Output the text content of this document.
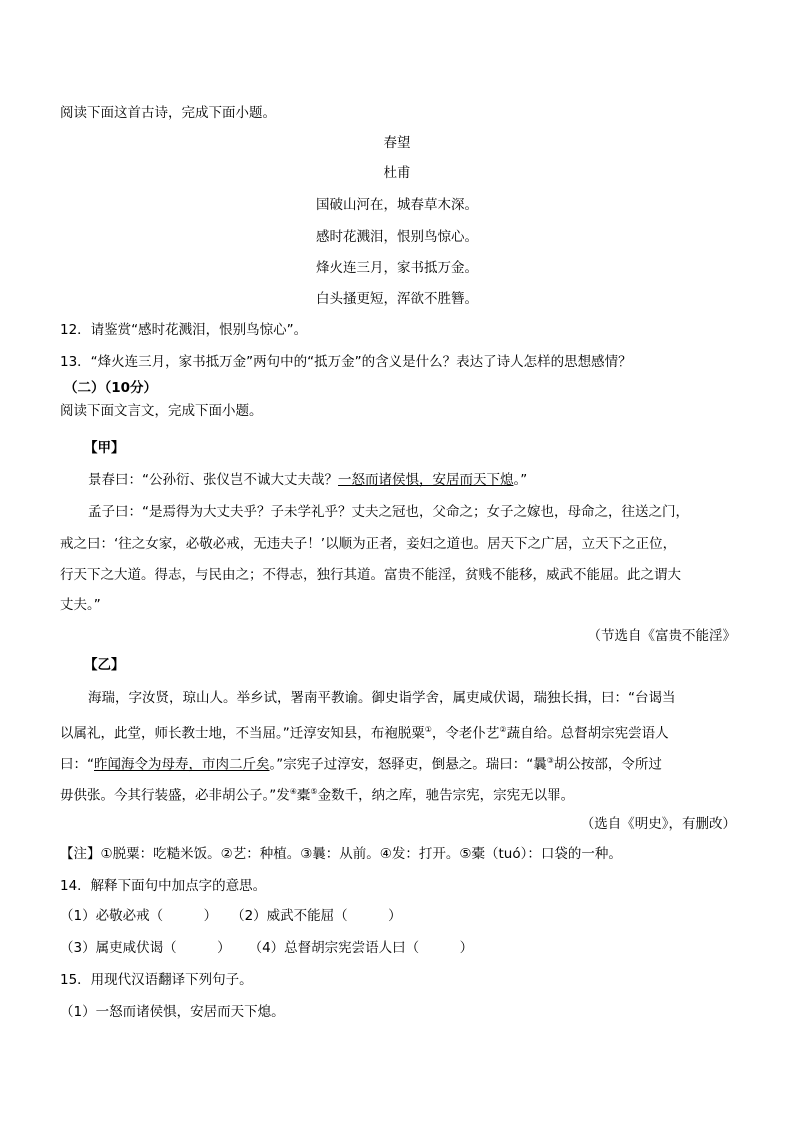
阅读下面这首古诗，完成下面小题。
春望
杜甫
国破山河在，城春草木深。
感时花溅泪，恨别鸟惊心。
烽火连三月，家书抵万金。
白头搔更短，浑欲不胜簪。
12．请鉴赏“感时花溅泪，恨别鸟惊心”。
13．“烽火连三月，家书抵万金”两句中的“抵万金”的含义是什么？表达了诗人怎样的思想感情？
（二）（10分）
阅读下面文言文，完成下面小题。
【甲】
景春曰：“公孙衍、张仪岂不诚大丈夫哉？一怒而诸侯惧，安居而天下熄。”
孟子曰：“是焉得为大丈夫乎？子未学礼乎？丈夫之冠也，父命之；女子之嫁也，母命之，往送之门，
戒之曰：‘往之女家，必敬必戒，无违夫子！’以顺为正者，妾妇之道也。居天下之广居，立天下之正位，
行天下之大道。得志，与民由之；不得志，独行其道。富贵不能淫，贫贱不能移，威武不能屈。此之谓大
丈夫。”
（节选自《富贵不能淫》
【乙】
海瑞，字汝贤，琼山人。举乡试，署南平教谕。御史诣学舍，属吏咸伏谒，瑞独长揖，曰：“台谒当
以属礼，此堂，师长教士地，不当屈。”迁淳安知县，布袍脱粟①，令老仆艺②蔬自给。总督胡宗宪尝语人
曰：“昨闻海令为母寿，市肉二斤矣。”宗宪子过淳安，怒驿吏，倒悬之。瑞曰：“曩③胡公按部，令所过
毋供张。今其行装盛，必非胡公子。”发④橐⑤金数千，纳之库，驰告宗宪，宗宪无以罪。
（选自《明史》，有删改）
【注】①脱粟：吃糙米饭。②艺：种植。③曩：从前。④发：打开。⑤橐（tuó）：口袋的一种。
14．解释下面句中加点字的意思。
（1）必敬必戒（　　　） （2）威武不能屈（　　　）
（3）属吏咸伏谒（　　　） （4）总督胡宗宪尝语人曰（　　　）
15．用现代汉语翻译下列句子。
（1）一怒而诸侯惧，安居而天下熄。
